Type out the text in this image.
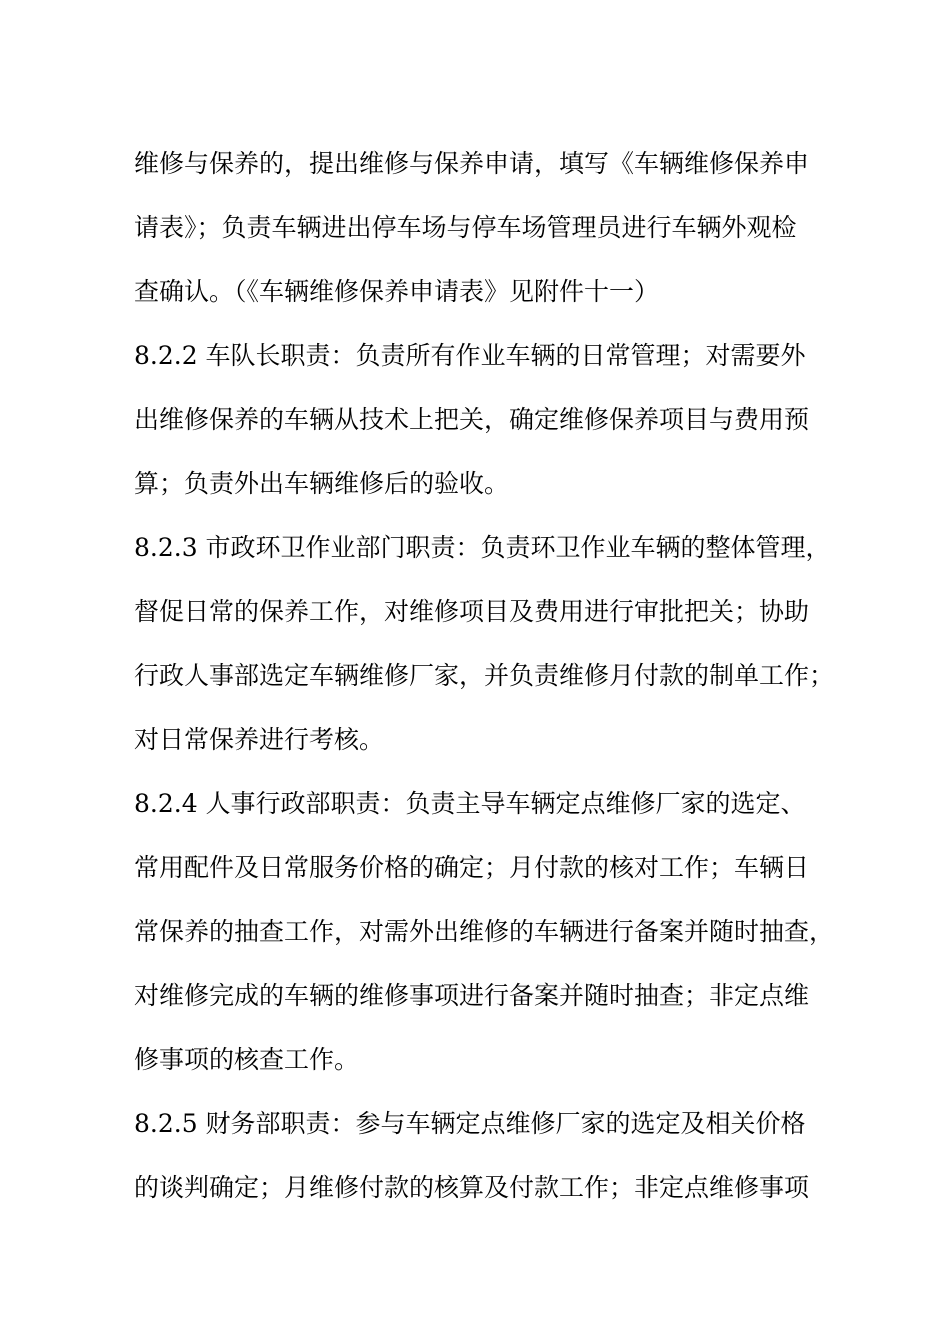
维修与保养的，提出维修与保养申请，填写《车辆维修保养申
请表》；负责车辆进出停车场与停车场管理员进行车辆外观检
查确认。（《车辆维修保养申请表》见附件十一）
8.2.2 车队长职责：负责所有作业车辆的日常管理；对需要外
出维修保养的车辆从技术上把关，确定维修保养项目与费用预
算；负责外出车辆维修后的验收。
8.2.3 市政环卫作业部门职责：负责环卫作业车辆的整体管理，
督促日常的保养工作，对维修项目及费用进行审批把关；协助
行政人事部选定车辆维修厂家，并负责维修月付款的制单工作；
对日常保养进行考核。
8.2.4 人事行政部职责：负责主导车辆定点维修厂家的选定、
常用配件及日常服务价格的确定；月付款的核对工作；车辆日
常保养的抽查工作，对需外出维修的车辆进行备案并随时抽查，
对维修完成的车辆的维修事项进行备案并随时抽查；非定点维
修事项的核查工作。
8.2.5 财务部职责：参与车辆定点维修厂家的选定及相关价格
的谈判确定；月维修付款的核算及付款工作；非定点维修事项
